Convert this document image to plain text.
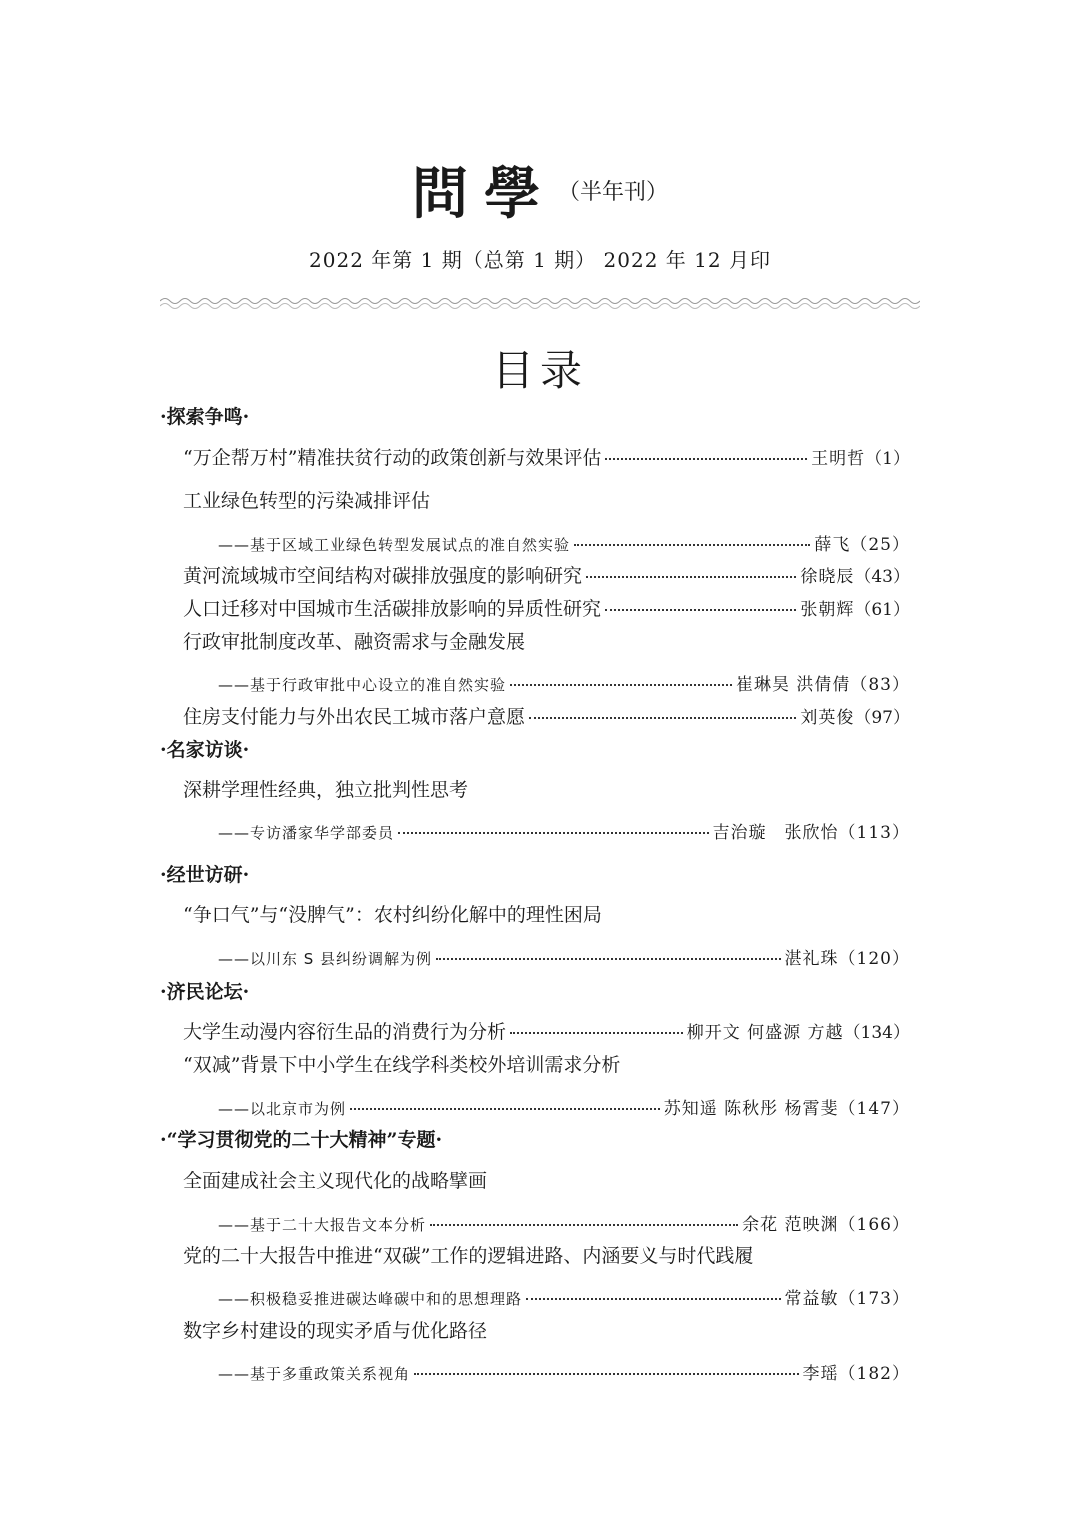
問學（半年刊）
2022 年第 1 期（总第 1 期） 2022 年 12 月印
目录
·探索争鸣·
“万企帮万村”精准扶贫行动的政策创新与效果评估	王明哲 （1）
工业绿色转型的污染减排评估
——基于区域工业绿色转型发展试点的准自然实验	薛飞 （25）
黄河流域城市空间结构对碳排放强度的影响研究	徐晓辰 （43）
人口迁移对中国城市生活碳排放影响的异质性研究	张朝辉 （61）
行政审批制度改革、融资需求与金融发展
——基于行政审批中心设立的准自然实验	崔琳昊 洪倩倩 （83）
住房支付能力与外出农民工城市落户意愿	刘英俊 （97）
·名家访谈·
深耕学理性经典，独立批判性思考
——专访潘家华学部委员	吉治璇　张欣怡 （113）
·经世访研·
“争口气”与“没脾气”：农村纠纷化解中的理性困局
——以川东 S 县纠纷调解为例	湛礼珠 （120）
·济民论坛·
大学生动漫内容衍生品的消费行为分析	柳开文 何盛源 方越 （134）
“双减”背景下中小学生在线学科类校外培训需求分析
——以北京市为例	苏知遥 陈秋彤 杨霄斐 （147）
·“学习贯彻党的二十大精神”专题·
全面建成社会主义现代化的战略擘画
——基于二十大报告文本分析	余花 范映渊 （166）
党的二十大报告中推进“双碳”工作的逻辑进路、内涵要义与时代践履
——积极稳妥推进碳达峰碳中和的思想理路	常益敏 （173）
数字乡村建设的现实矛盾与优化路径
——基于多重政策关系视角	李瑶 （182）
